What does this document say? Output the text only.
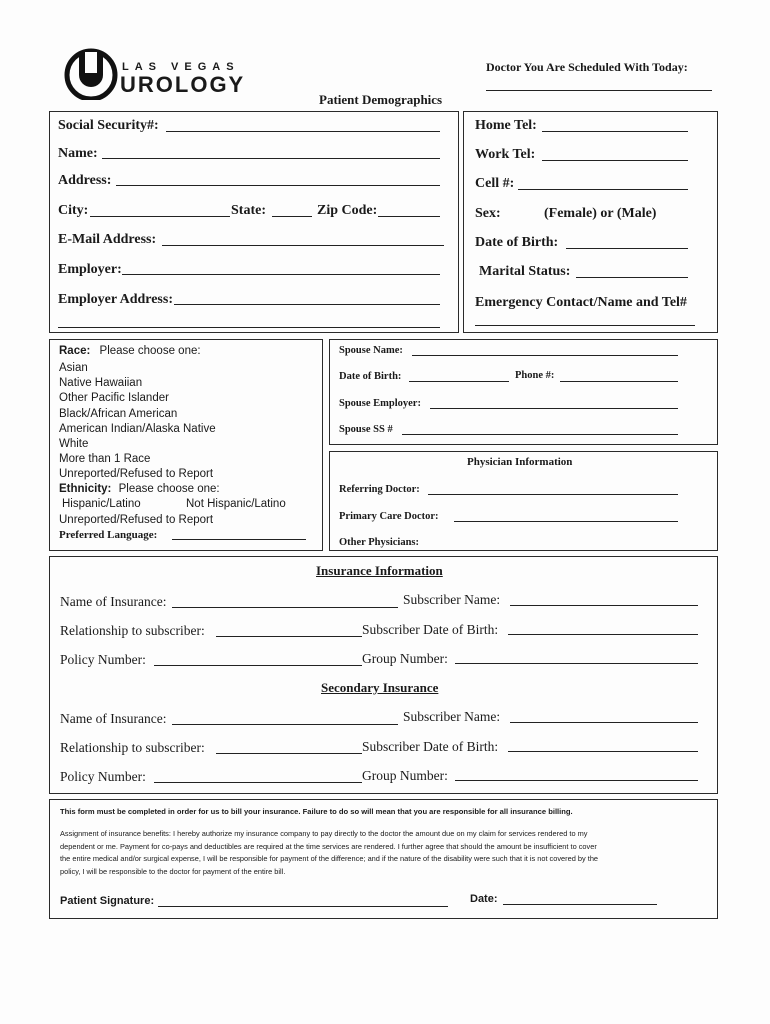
LAS VEGAS
UROLOGY
Doctor You Are Scheduled With Today:
Patient Demographics
Social Security#:
Name:
Address:
City:	State:	Zip Code:
E-Mail Address:
Employer:
Employer Address:
Home Tel:
Work Tel:
Cell #:
Sex:	(Female) or (Male)
Date of Birth:
Marital Status:
Emergency Contact/Name and Tel#
Race: Please choose one:
Asian
Native Hawaiian
Other Pacific Islander
Black/African American
American Indian/Alaska Native
White
More than 1 Race
Unreported/Refused to Report
Ethnicity: Please choose one:
Hispanic/Latino	Not Hispanic/Latino
Unreported/Refused to Report
Preferred Language:
Spouse Name:
Date of Birth:	Phone #:
Spouse Employer:
Spouse SS #
Physician Information
Referring Doctor:
Primary Care Doctor:
Other Physicians:
Insurance Information
Name of Insurance:	Subscriber Name:
Relationship to subscriber:	Subscriber Date of Birth:
Policy Number:	Group Number:
Secondary Insurance
Name of Insurance:	Subscriber Name:
Relationship to subscriber:	Subscriber Date of Birth:
Policy Number:	Group Number:
This form must be completed in order for us to bill your insurance. Failure to do so will mean that you are responsible for all insurance billing.
Assignment of insurance benefits: I hereby authorize my insurance company to pay directly to the doctor the amount due on my claim for services rendered to my
dependent or me. Payment for co-pays and deductibles are required at the time services are rendered. I further agree that should the amount be insufficient to cover
the entire medical and/or surgical expense, I will be responsible for payment of the difference; and if the nature of the disability were such that it is not covered by the
policy, I will be responsible to the doctor for payment of the entire bill.
Patient Signature:	Date:
